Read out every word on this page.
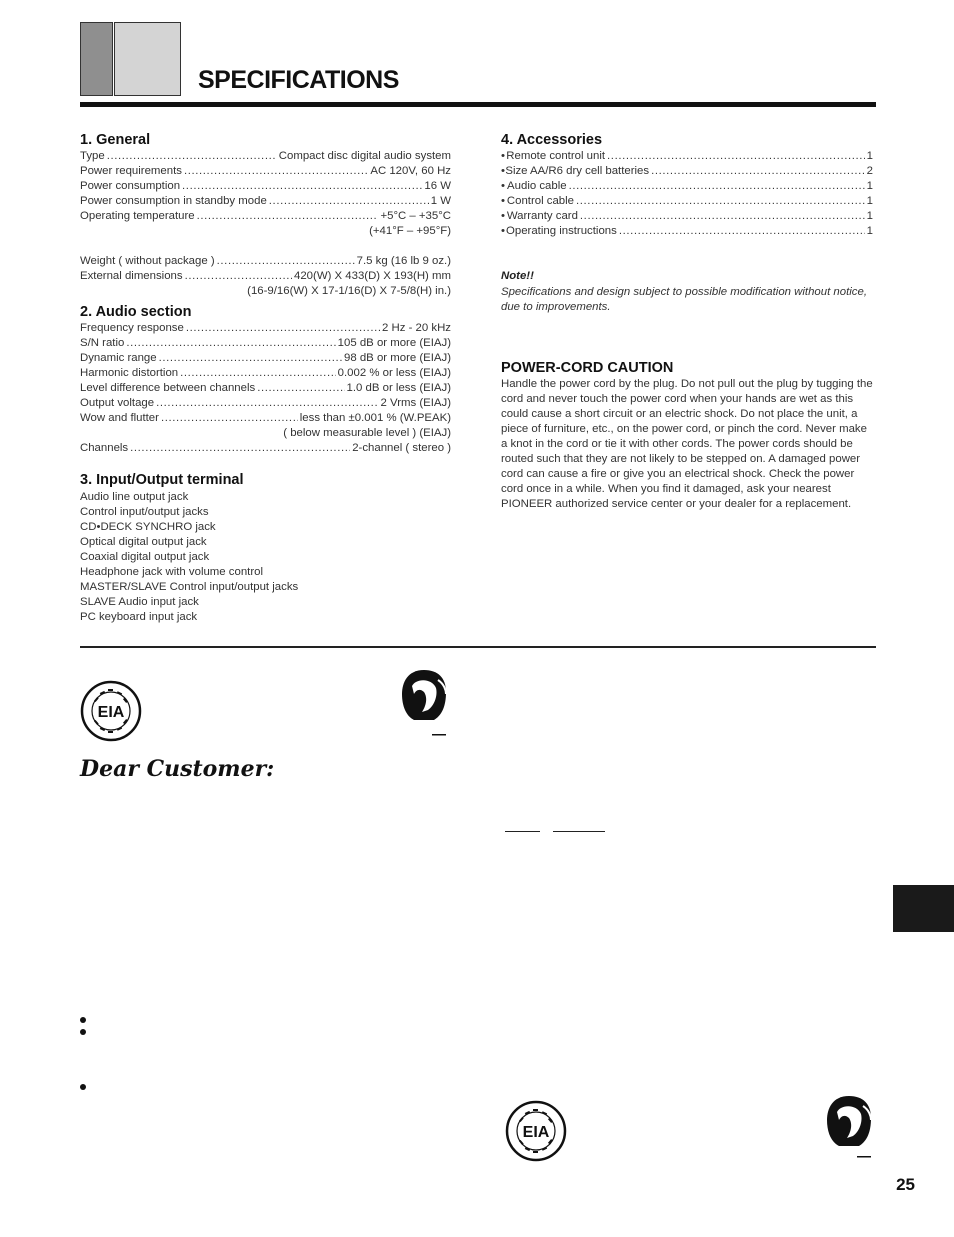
SPECIFICATIONS
1. General
Type .....	Compact disc digital audio system
Power requirements .....	AC 120V, 60 Hz
Power consumption .....	16 W
Power consumption in standby mode .....	1 W
Operating temperature .....	+5°C – +35°C
(+41°F – +95°F)
Weight ( without package ) .....	7.5 kg (16 lb 9 oz.)
External dimensions .....	420(W) X 433(D) X 193(H) mm
(16-9/16(W) X 17-1/16(D) X 7-5/8(H) in.)
2. Audio section
Frequency response .....	2 Hz - 20 kHz
S/N ratio .....	105 dB or more (EIAJ)
Dynamic range .....	98 dB or more (EIAJ)
Harmonic distortion .....	0.002 % or less (EIAJ)
Level difference between channels .....	1.0 dB or less (EIAJ)
Output voltage .....	2 Vrms (EIAJ)
Wow and flutter .....	less than ±0.001 % (W.PEAK)
( below measurable level ) (EIAJ)
Channels .....	2-channel ( stereo )
3. Input/Output terminal
Audio line output jack
Control input/output jacks
CD•DECK SYNCHRO jack
Optical digital output jack
Coaxial digital output jack
Headphone jack with volume control
MASTER/SLAVE Control input/output jacks
SLAVE Audio input jack
PC keyboard input jack
4. Accessories
• Remote control unit .....	1
• Size AA/R6 dry cell batteries .....	2
• Audio cable .....	1
• Control cable .....	1
• Warranty card .....	1
• Operating instructions .....	1
Note!!
Specifications and design subject to possible modification without notice, due to improvements.
POWER-CORD CAUTION
Handle the power cord by the plug. Do not pull out the plug by tugging the cord and never touch the power cord when your hands are wet as this could cause a short circuit or an electric shock. Do not place the unit, a piece of furniture, etc., on the power cord, or pinch the cord. Never make a knot in the cord or tie it with other cords. The power cords should be routed such that they are not likely to be stepped on. A damaged power cord can cause a fire or give you an electrical shock. Check the power cord once in a while. When you find it damaged, ask your nearest PIONEER authorized service center or your dealer for a replacement.
EIA
Dear Customer:
EIA
25
